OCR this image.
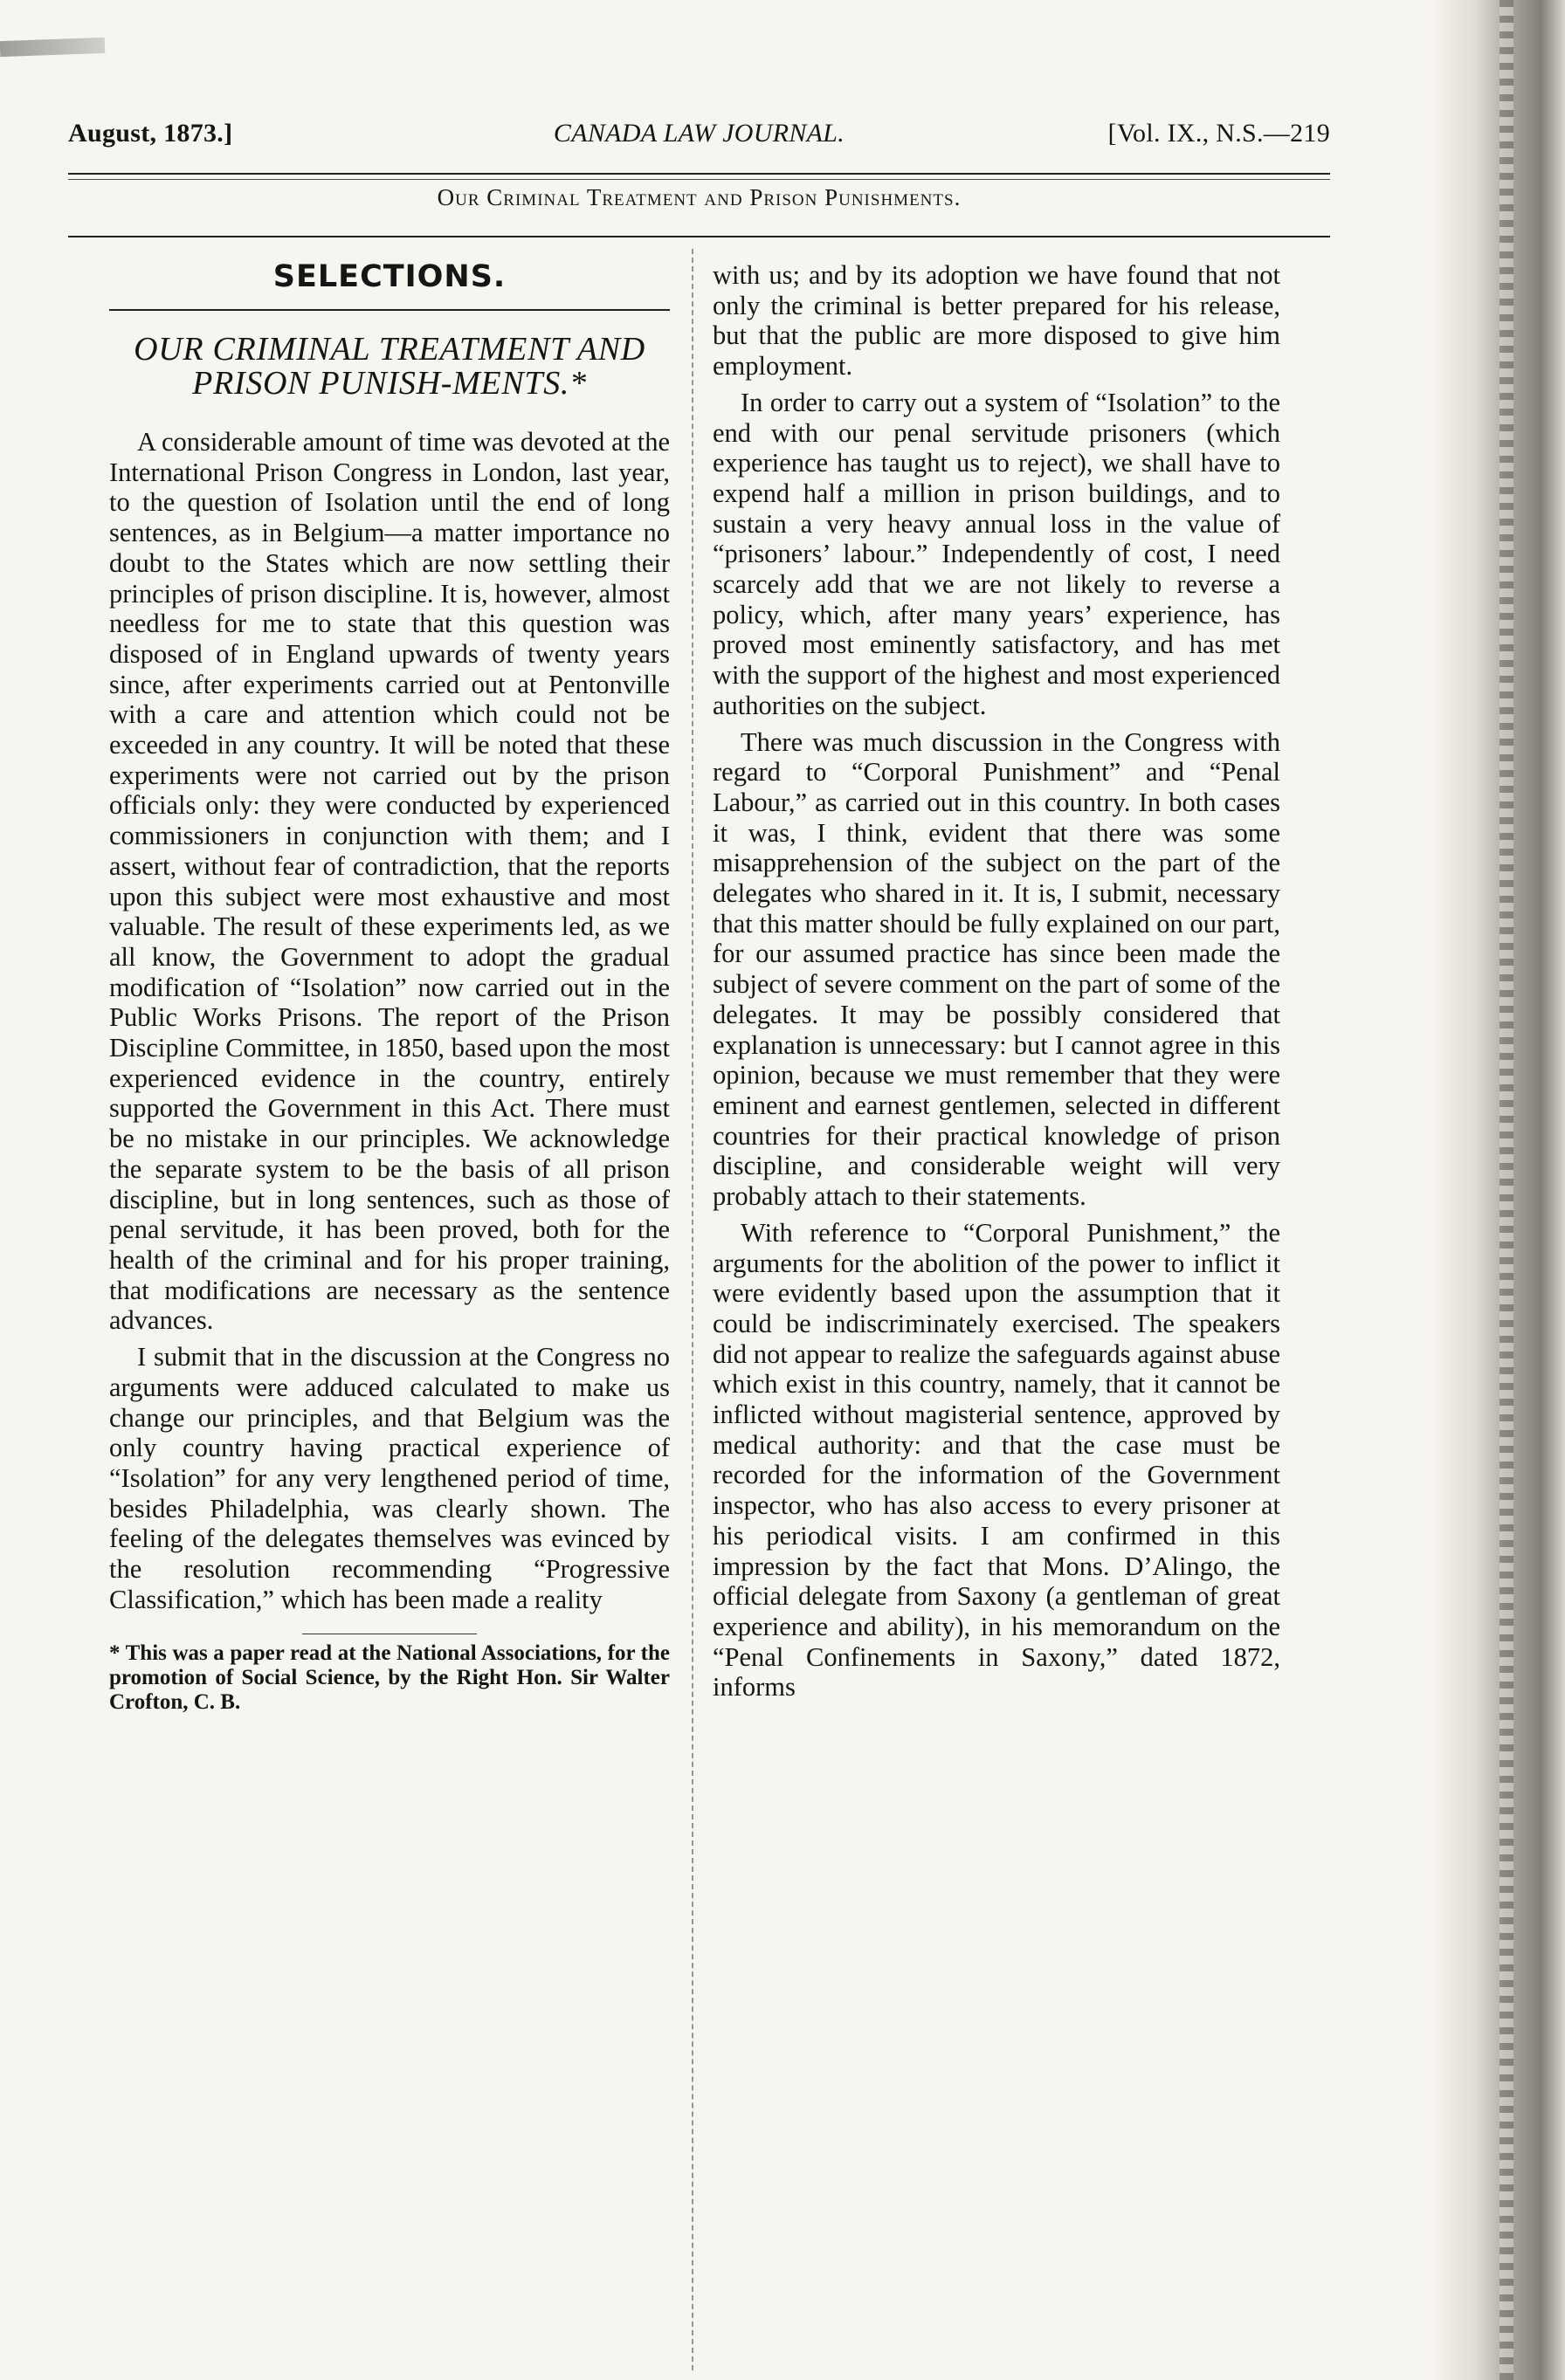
August, 1873.]	CANADA LAW JOURNAL.	[Vol. IX., N.S.—219
Our Criminal Treatment and Prison Punishments.
SELECTIONS.
OUR CRIMINAL TREATMENT AND PRISON PUNISH-MENTS.*

A considerable amount of time was devoted at the International Prison Congress in London, last year, to the question of Isolation until the end of long sentences, as in Belgium—a matter importance no doubt to the States which are now settling their principles of prison discipline. It is, however, almost needless for me to state that this question was disposed of in England upwards of twenty years since, after experiments carried out at Pentonville with a care and attention which could not be exceeded in any country. It will be noted that these experiments were not carried out by the prison officials only: they were conducted by experienced commissioners in conjunction with them; and I assert, without fear of contradiction, that the reports upon this subject were most exhaustive and most valuable. The result of these experiments led, as we all know, the Government to adopt the gradual modification of “Isolation” now carried out in the Public Works Prisons. The report of the Prison Discipline Committee, in 1850, based upon the most experienced evidence in the country, entirely supported the Government in this Act. There must be no mistake in our principles. We acknowledge the separate system to be the basis of all prison discipline, but in long sentences, such as those of penal servitude, it has been proved, both for the health of the criminal and for his proper training, that modifications are necessary as the sentence advances.

I submit that in the discussion at the Congress no arguments were adduced calculated to make us change our principles, and that Belgium was the only country having practical experience of “Isolation” for any very lengthened period of time, besides Philadelphia, was clearly shown. The feeling of the delegates themselves was evinced by the resolution recommending “Progressive Classification,” which has been made a reality

* This was a paper read at the National Associations, for the promotion of Social Science, by the Right Hon. Sir Walter Crofton, C. B.

with us; and by its adoption we have found that not only the criminal is better prepared for his release, but that the public are more disposed to give him employment.

In order to carry out a system of “Isolation” to the end with our penal servitude prisoners (which experience has taught us to reject), we shall have to expend half a million in prison buildings, and to sustain a very heavy annual loss in the value of “prisoners’ labour.” Independently of cost, I need scarcely add that we are not likely to reverse a policy, which, after many years’ experience, has proved most eminently satisfactory, and has met with the support of the highest and most experienced authorities on the subject.

There was much discussion in the Congress with regard to “Corporal Punishment” and “Penal Labour,” as carried out in this country. In both cases it was, I think, evident that there was some misapprehension of the subject on the part of the delegates who shared in it. It is, I submit, necessary that this matter should be fully explained on our part, for our assumed practice has since been made the subject of severe comment on the part of some of the delegates. It may be possibly considered that explanation is unnecessary: but I cannot agree in this opinion, because we must remember that they were eminent and earnest gentlemen, selected in different countries for their practical knowledge of prison discipline, and considerable weight will very probably attach to their statements.

With reference to “Corporal Punishment,” the arguments for the abolition of the power to inflict it were evidently based upon the assumption that it could be indiscriminately exercised. The speakers did not appear to realize the safeguards against abuse which exist in this country, namely, that it cannot be inflicted without magisterial sentence, approved by medical authority: and that the case must be recorded for the information of the Government inspector, who has also access to every prisoner at his periodical visits. I am confirmed in this impression by the fact that Mons. D’Alingo, the official delegate from Saxony (a gentleman of great experience and ability), in his memorandum on the “Penal Confinements in Saxony,” dated 1872, informs
